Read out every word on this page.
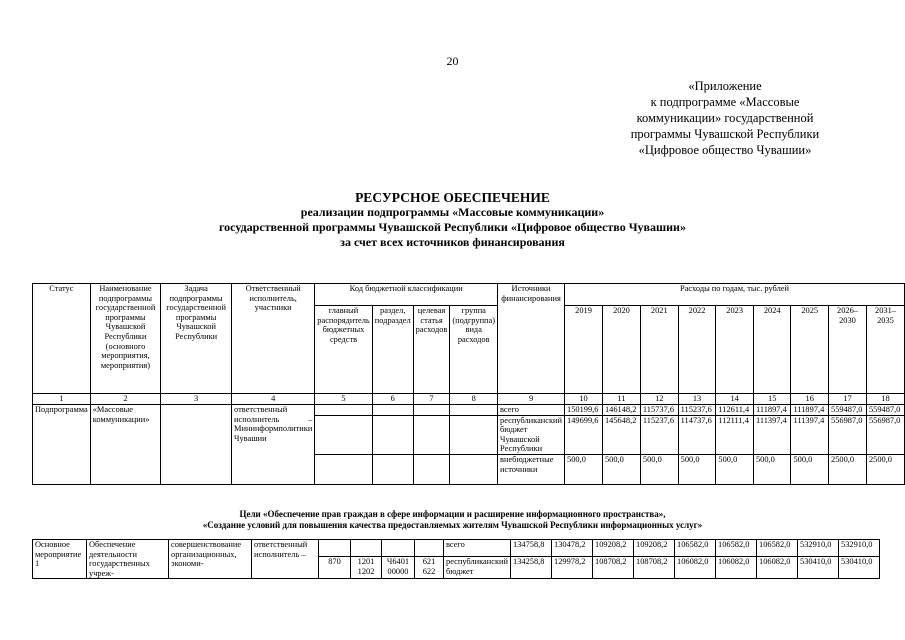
20
«Приложение
к подпрограмме «Массовые
коммуникации» государственной
программы Чувашской Республики
«Цифровое общество Чувашии»
РЕСУРСНОЕ ОБЕСПЕЧЕНИЕ
реализации подпрограммы «Массовые коммуникации»
государственной программы Чувашской Республики «Цифровое общество Чувашии»
за счет всех источников финансирования
Статус	Наименование подпрограммы государственной программы Чувашской Республики (основного мероприятия, мероприятия)	Задача подпрограммы государственной программы Чувашской Республики	Ответственный исполнитель, участники	Код бюджетной классификации				Источники финансирования	Расходы по годам, тыс. рублей								
				главный распорядитель бюджетных средств	раздел, подраздел	целевая статья расходов	группа (подгруппа) вида расходов		2019	2020	2021	2022	2023	2024	2025	2026–2030	2031–2035
1	2	3	4	5	6	7	8	9	10	11	12	13	14	15	16	17	18
Подпрограмма	«Массовые коммуникации»		ответственный исполнитель – Мининформполитики Чувашии					всего	150199,6	146148,2	115737,6	115237,6	112611,4	111897,4	111897,4	559487,0	559487,0
								республиканский бюджет Чувашской Республики	149699,6	145648,2	115237,6	114737,6	112111,4	111397,4	111397,4	556987,0	556987,0
								внебюджетные источники	500,0	500,0	500,0	500,0	500,0	500,0	500,0	2500,0	2500,0
Цели «Обеспечение прав граждан в сфере информации и расширение информационного пространства»,
«Создание условий для повышения качества предоставляемых жителям Чувашской Республики информационных услуг»
Основное мероприятие 1	Обеспечение деятельности государственных учреж-	совершенствование организационных, экономи-	ответственный исполнитель –					всего	134758,8	130478,2	109208,2	109208,2	106582,0	106582,0	106582,0	532910,0	532910,0
				870	1201 1202	Ч6401 00000	621 622	республиканский бюджет	134258,8	129978,2	108708,2	108708,2	106082,0	106082,0	106082,0	530410,0	530410,0
